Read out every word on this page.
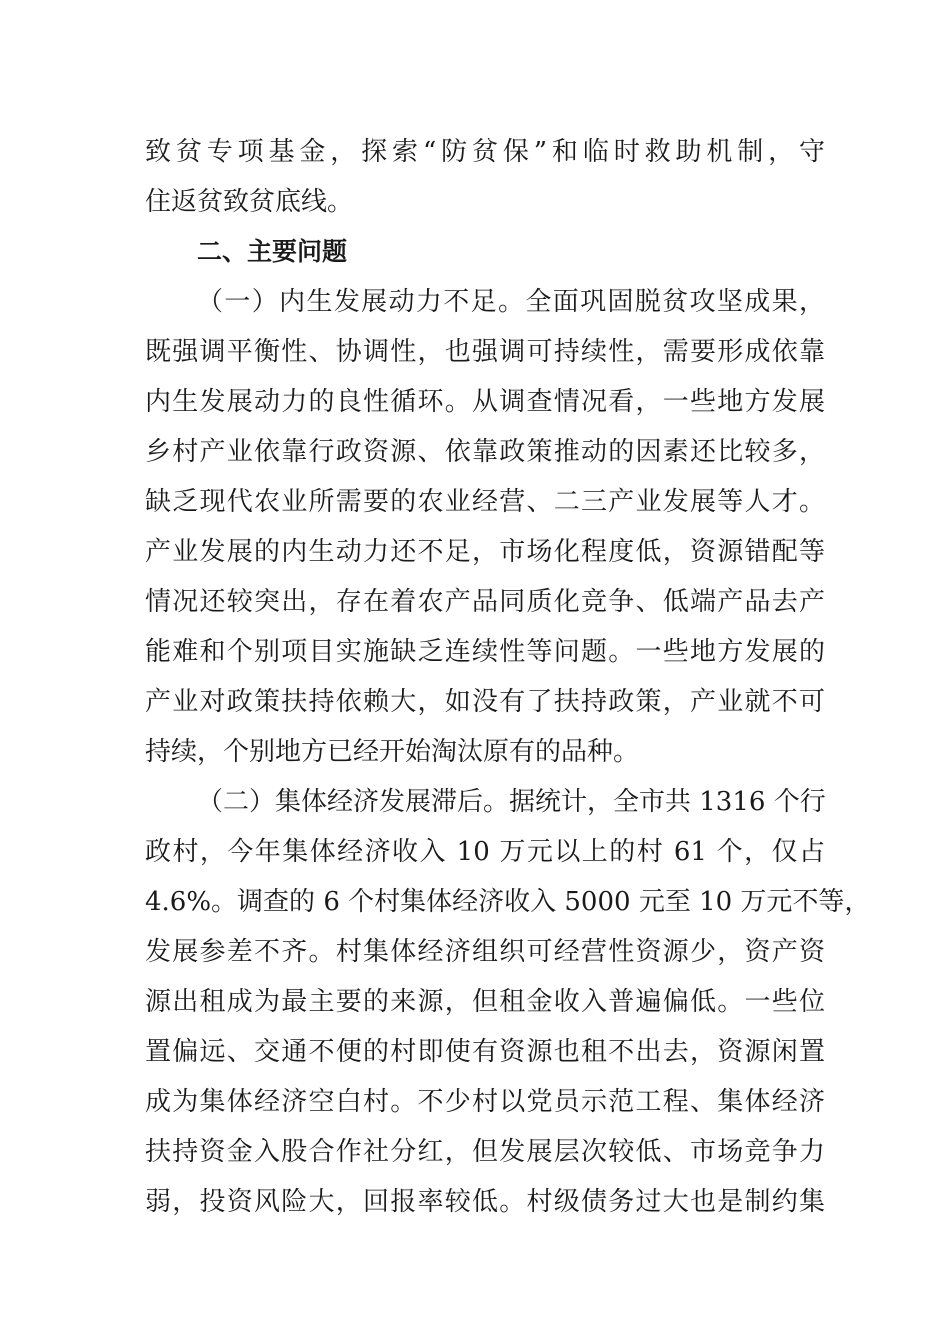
致贫专项基金，探索“防贫保”和临时救助机制，守
住返贫致贫底线。
二、主要问题
（一）内生发展动力不足。全面巩固脱贫攻坚成果，
既强调平衡性、协调性，也强调可持续性，需要形成依靠
内生发展动力的良性循环。从调查情况看，一些地方发展
乡村产业依靠行政资源、依靠政策推动的因素还比较多，
缺乏现代农业所需要的农业经营、二三产业发展等人才。
产业发展的内生动力还不足，市场化程度低，资源错配等
情况还较突出，存在着农产品同质化竞争、低端产品去产
能难和个别项目实施缺乏连续性等问题。一些地方发展的
产业对政策扶持依赖大，如没有了扶持政策，产业就不可
持续，个别地方已经开始淘汰原有的品种。
（二）集体经济发展滞后。据统计，全市共 1316 个行
政村，今年集体经济收入 10 万元以上的村 61 个，仅占
4.6%。调查的 6 个村集体经济收入 5000 元至 10 万元不等，
发展参差不齐。村集体经济组织可经营性资源少，资产资
源出租成为最主要的来源，但租金收入普遍偏低。一些位
置偏远、交通不便的村即使有资源也租不出去，资源闲置
成为集体经济空白村。不少村以党员示范工程、集体经济
扶持资金入股合作社分红，但发展层次较低、市场竞争力
弱，投资风险大，回报率较低。村级债务过大也是制约集
